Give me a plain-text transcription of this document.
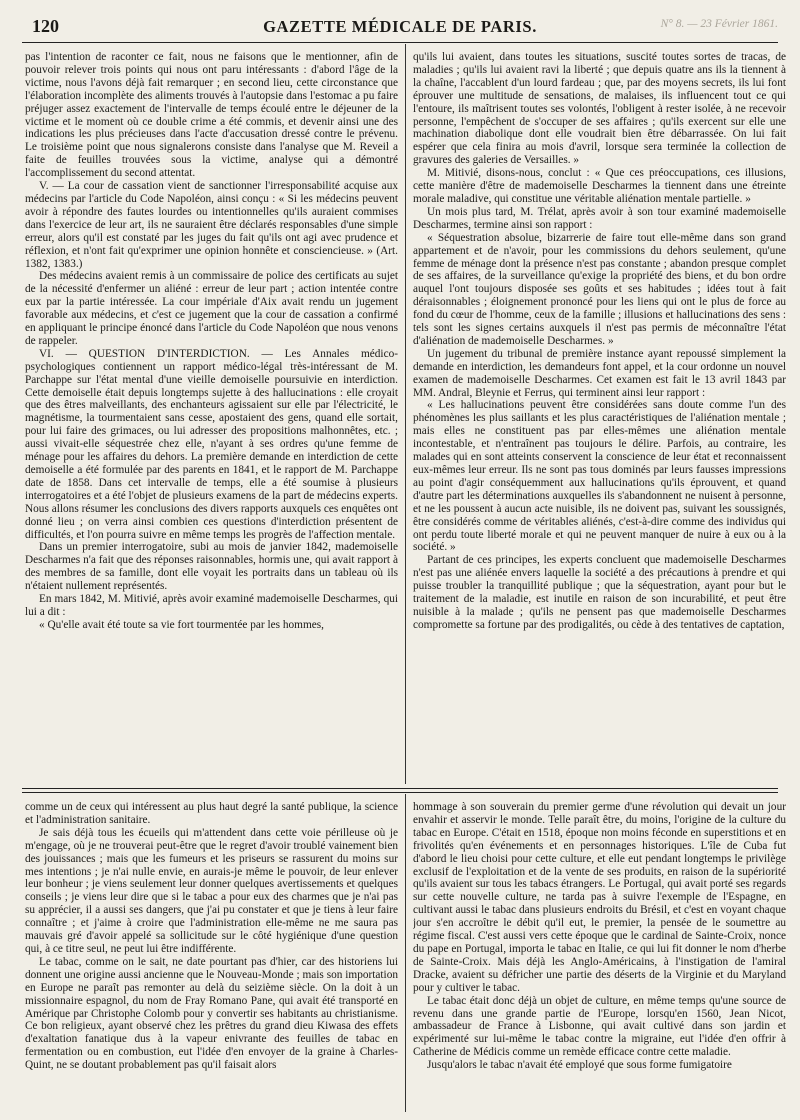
120	GAZETTE MÉDICALE DE PARIS.	N° 8. — 23 Février 1861.

pas l'intention de raconter ce fait, nous ne faisons que le mentionner, afin de pouvoir relever trois points qui nous ont paru intéressants : d'abord l'âge de la victime, nous l'avons déjà fait remarquer ; en second lieu, cette circonstance que l'élaboration incomplète des aliments trouvés à l'autopsie dans l'estomac a pu faire préjuger assez exactement de l'intervalle de temps écoulé entre le déjeuner de la victime et le moment où ce double crime a été commis, et devenir ainsi une des indications les plus précieuses dans l'acte d'accusation dressé contre le prévenu. Le troisième point que nous signalerons consiste dans l'analyse que M. Reveil a faite de feuilles trouvées sous la victime, analyse qui a démontré l'accomplissement du second attentat.

V. — La cour de cassation vient de sanctionner l'irresponsabilité acquise aux médecins par l'article du Code Napoléon, ainsi conçu : « Si les médecins peuvent avoir à répondre des fautes lourdes ou intentionnelles qu'ils auraient commises dans l'exercice de leur art, ils ne sauraient être déclarés responsables d'une simple erreur, alors qu'il est constaté par les juges du fait qu'ils ont agi avec prudence et réflexion, et n'ont fait qu'exprimer une opinion honnête et consciencieuse. » (Art. 1382, 1383.)

Des médecins avaient remis à un commissaire de police des certificats au sujet de la nécessité d'enfermer un aliéné : erreur de leur part ; action intentée contre eux par la partie intéressée. La cour impériale d'Aix avait rendu un jugement favorable aux médecins, et c'est ce jugement que la cour de cassation a confirmé en appliquant le principe énoncé dans l'article du Code Napoléon que nous venons de rappeler.

VI. — QUESTION D'INTERDICTION. — Les Annales médico-psychologiques contiennent un rapport médico-légal très-intéressant de M. Parchappe sur l'état mental d'une vieille demoiselle poursuivie en interdiction. Cette demoiselle était depuis longtemps sujette à des hallucinations : elle croyait que des êtres malveillants, des enchanteurs agissaient sur elle par l'électricité, le magnétisme, la tourmentaient sans cesse, apostaient des gens, quand elle sortait, pour lui faire des grimaces, ou lui adresser des propositions malhonnêtes, etc. ; aussi vivait-elle séquestrée chez elle, n'ayant à ses ordres qu'une femme de ménage pour les affaires du dehors. La première demande en interdiction de cette demoiselle a été formulée par des parents en 1841, et le rapport de M. Parchappe date de 1858. Dans cet intervalle de temps, elle a été soumise à plusieurs interrogatoires et a été l'objet de plusieurs examens de la part de médecins experts. Nous allons résumer les conclusions des divers rapports auxquels ces enquêtes ont donné lieu ; on verra ainsi combien ces questions d'interdiction présentent de difficultés, et l'on pourra suivre en même temps les progrès de l'affection mentale.

Dans un premier interrogatoire, subi au mois de janvier 1842, mademoiselle Descharmes n'a fait que des réponses raisonnables, hormis une, qui avait rapport à des membres de sa famille, dont elle voyait les portraits dans un tableau où ils n'étaient nullement représentés.

En mars 1842, M. Mitivié, après avoir examiné mademoiselle Descharmes, qui lui a dit :

« Qu'elle avait été toute sa vie fort tourmentée par les hommes,

qu'ils lui avaient, dans toutes les situations, suscité toutes sortes de tracas, de maladies ; qu'ils lui avaient ravi la liberté ; que depuis quatre ans ils la tiennent à la chaîne, l'accablent d'un lourd fardeau ; que, par des moyens secrets, ils lui font éprouver une multitude de sensations, de malaises, ils influencent tout ce qui l'entoure, ils maîtrisent toutes ses volontés, l'obligent à rester isolée, à ne recevoir personne, l'empêchent de s'occuper de ses affaires ; qu'ils exercent sur elle une machination diabolique dont elle voudrait bien être débarrassée. On lui fait espérer que cela finira au mois d'avril, lorsque sera terminée la collection de gravures des galeries de Versailles. »

M. Mitivié, disons-nous, conclut : « Que ces préoccupations, ces illusions, cette manière d'être de mademoiselle Descharmes la tiennent dans une étreinte morale maladive, qui constitue une véritable aliénation mentale partielle. »

Un mois plus tard, M. Trélat, après avoir à son tour examiné mademoiselle Descharmes, termine ainsi son rapport :

« Séquestration absolue, bizarrerie de faire tout elle-même dans son grand appartement et de n'avoir, pour les commissions du dehors seulement, qu'une femme de ménage dont la présence n'est pas constante ; abandon presque complet de ses affaires, de la surveillance qu'exige la propriété des biens, et du bon ordre auquel l'ont toujours disposée ses goûts et ses habitudes ; idées tout à fait déraisonnables ; éloignement prononcé pour les liens qui ont le plus de force au fond du cœur de l'homme, ceux de la famille ; illusions et hallucinations des sens : tels sont les signes certains auxquels il n'est pas permis de méconnaître l'état d'aliénation de mademoiselle Descharmes. »

Un jugement du tribunal de première instance ayant repoussé simplement la demande en interdiction, les demandeurs font appel, et la cour ordonne un nouvel examen de mademoiselle Descharmes. Cet examen est fait le 13 avril 1843 par MM. Andral, Bleynie et Ferrus, qui terminent ainsi leur rapport :

« Les hallucinations peuvent être considérées sans doute comme l'un des phénomènes les plus saillants et les plus caractéristiques de l'aliénation mentale ; mais elles ne constituent pas par elles-mêmes une aliénation mentale incontestable, et n'entraînent pas toujours le délire. Parfois, au contraire, les malades qui en sont atteints conservent la conscience de leur état et reconnaissent eux-mêmes leur erreur. Ils ne sont pas tous dominés par leurs fausses impressions au point d'agir conséquemment aux hallucinations qu'ils éprouvent, et quand d'autre part les déterminations auxquelles ils s'abandonnent ne nuisent à personne, et ne les poussent à aucun acte nuisible, ils ne doivent pas, suivant les soussignés, être considérés comme de véritables aliénés, c'est-à-dire comme des individus qui ont perdu toute liberté morale et qui ne peuvent manquer de nuire à eux ou à la société. »

Partant de ces principes, les experts concluent que mademoiselle Descharmes n'est pas une aliénée envers laquelle la société a des précautions à prendre et qui puisse troubler la tranquillité publique ; que la séquestration, ayant pour but le traitement de la maladie, est inutile en raison de son incurabilité, et peut être nuisible à la malade ; qu'ils ne pensent pas que mademoiselle Descharmes compromette sa fortune par des prodigalités, ou cède à des tentatives de captation,

comme un de ceux qui intéressent au plus haut degré la santé publique, la science et l'administration sanitaire.

Je sais déjà tous les écueils qui m'attendent dans cette voie périlleuse où je m'engage, où je ne trouverai peut-être que le regret d'avoir troublé vainement bien des jouissances ; mais que les fumeurs et les priseurs se rassurent du moins sur mes intentions ; je n'ai nulle envie, en aurais-je même le pouvoir, de leur enlever leur bonheur ; je viens seulement leur donner quelques avertissements et quelques conseils ; je viens leur dire que si le tabac a pour eux des charmes que je n'ai pas su apprécier, il a aussi ses dangers, que j'ai pu constater et que je tiens à leur faire connaître ; et j'aime à croire que l'administration elle-même ne me saura pas mauvais gré d'avoir appelé sa sollicitude sur le côté hygiénique d'une question qui, à ce titre seul, ne peut lui être indifférente.

Le tabac, comme on le sait, ne date pourtant pas d'hier, car des historiens lui donnent une origine aussi ancienne que le Nouveau-Monde ; mais son importation en Europe ne paraît pas remonter au delà du seizième siècle. On la doit à un missionnaire espagnol, du nom de Fray Romano Pane, qui avait été transporté en Amérique par Christophe Colomb pour y convertir ses habitants au christianisme. Ce bon religieux, ayant observé chez les prêtres du grand dieu Kiwasa des effets d'exaltation fanatique dus à la vapeur enivrante des feuilles de tabac en fermentation ou en combustion, eut l'idée d'en envoyer de la graine à Charles-Quint, ne se doutant probablement pas qu'il faisait alors

hommage à son souverain du premier germe d'une révolution qui devait un jour envahir et asservir le monde. Telle paraît être, du moins, l'origine de la culture du tabac en Europe. C'était en 1518, époque non moins féconde en superstitions et en frivolités qu'en événements et en personnages historiques. L'île de Cuba fut d'abord le lieu choisi pour cette culture, et elle eut pendant longtemps le privilège exclusif de l'exploitation et de la vente de ses produits, en raison de la supériorité qu'ils avaient sur tous les tabacs étrangers. Le Portugal, qui avait porté ses regards sur cette nouvelle culture, ne tarda pas à suivre l'exemple de l'Espagne, en cultivant aussi le tabac dans plusieurs endroits du Brésil, et c'est en voyant chaque jour s'en accroître le débit qu'il eut, le premier, la pensée de le soumettre au régime fiscal. C'est aussi vers cette époque que le cardinal de Sainte-Croix, nonce du pape en Portugal, importa le tabac en Italie, ce qui lui fit donner le nom d'herbe de Sainte-Croix. Mais déjà les Anglo-Américains, à l'instigation de l'amiral Dracke, avaient su défricher une partie des déserts de la Virginie et du Maryland pour y cultiver le tabac.

Le tabac était donc déjà un objet de culture, en même temps qu'une source de revenu dans une grande partie de l'Europe, lorsqu'en 1560, Jean Nicot, ambassadeur de France à Lisbonne, qui avait cultivé dans son jardin et expérimenté sur lui-même le tabac contre la migraine, eut l'idée d'en offrir à Catherine de Médicis comme un remède efficace contre cette maladie.

Jusqu'alors le tabac n'avait été employé que sous forme fumigatoire
